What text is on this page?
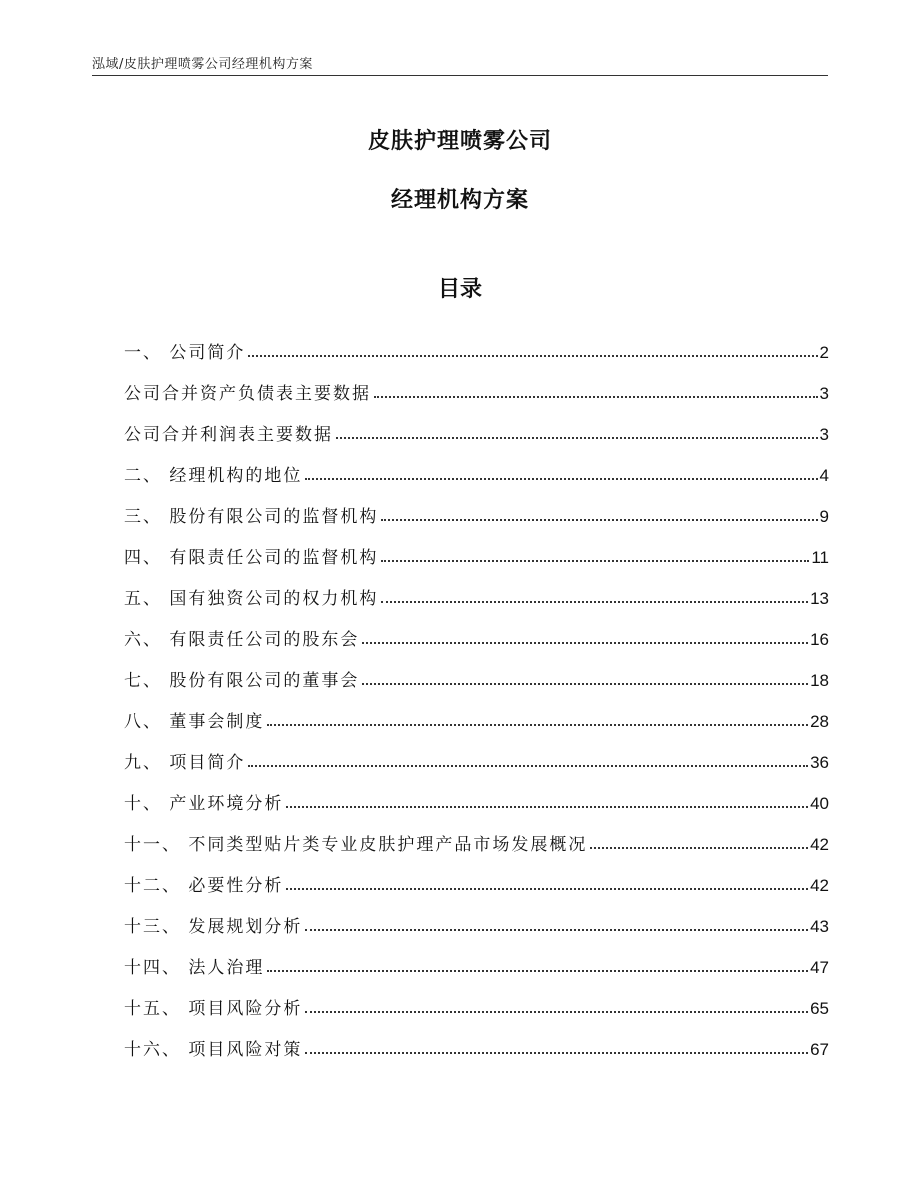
泓域/皮肤护理喷雾公司经理机构方案
皮肤护理喷雾公司
经理机构方案
目录
一、 公司简介	2
公司合并资产负债表主要数据	3
公司合并利润表主要数据	3
二、 经理机构的地位	4
三、 股份有限公司的监督机构	9
四、 有限责任公司的监督机构	11
五、 国有独资公司的权力机构	13
六、 有限责任公司的股东会	16
七、 股份有限公司的董事会	18
八、 董事会制度	28
九、 项目简介	36
十、 产业环境分析	40
十一、 不同类型贴片类专业皮肤护理产品市场发展概况	42
十二、 必要性分析	42
十三、 发展规划分析	43
十四、 法人治理	47
十五、 项目风险分析	65
十六、 项目风险对策	67
